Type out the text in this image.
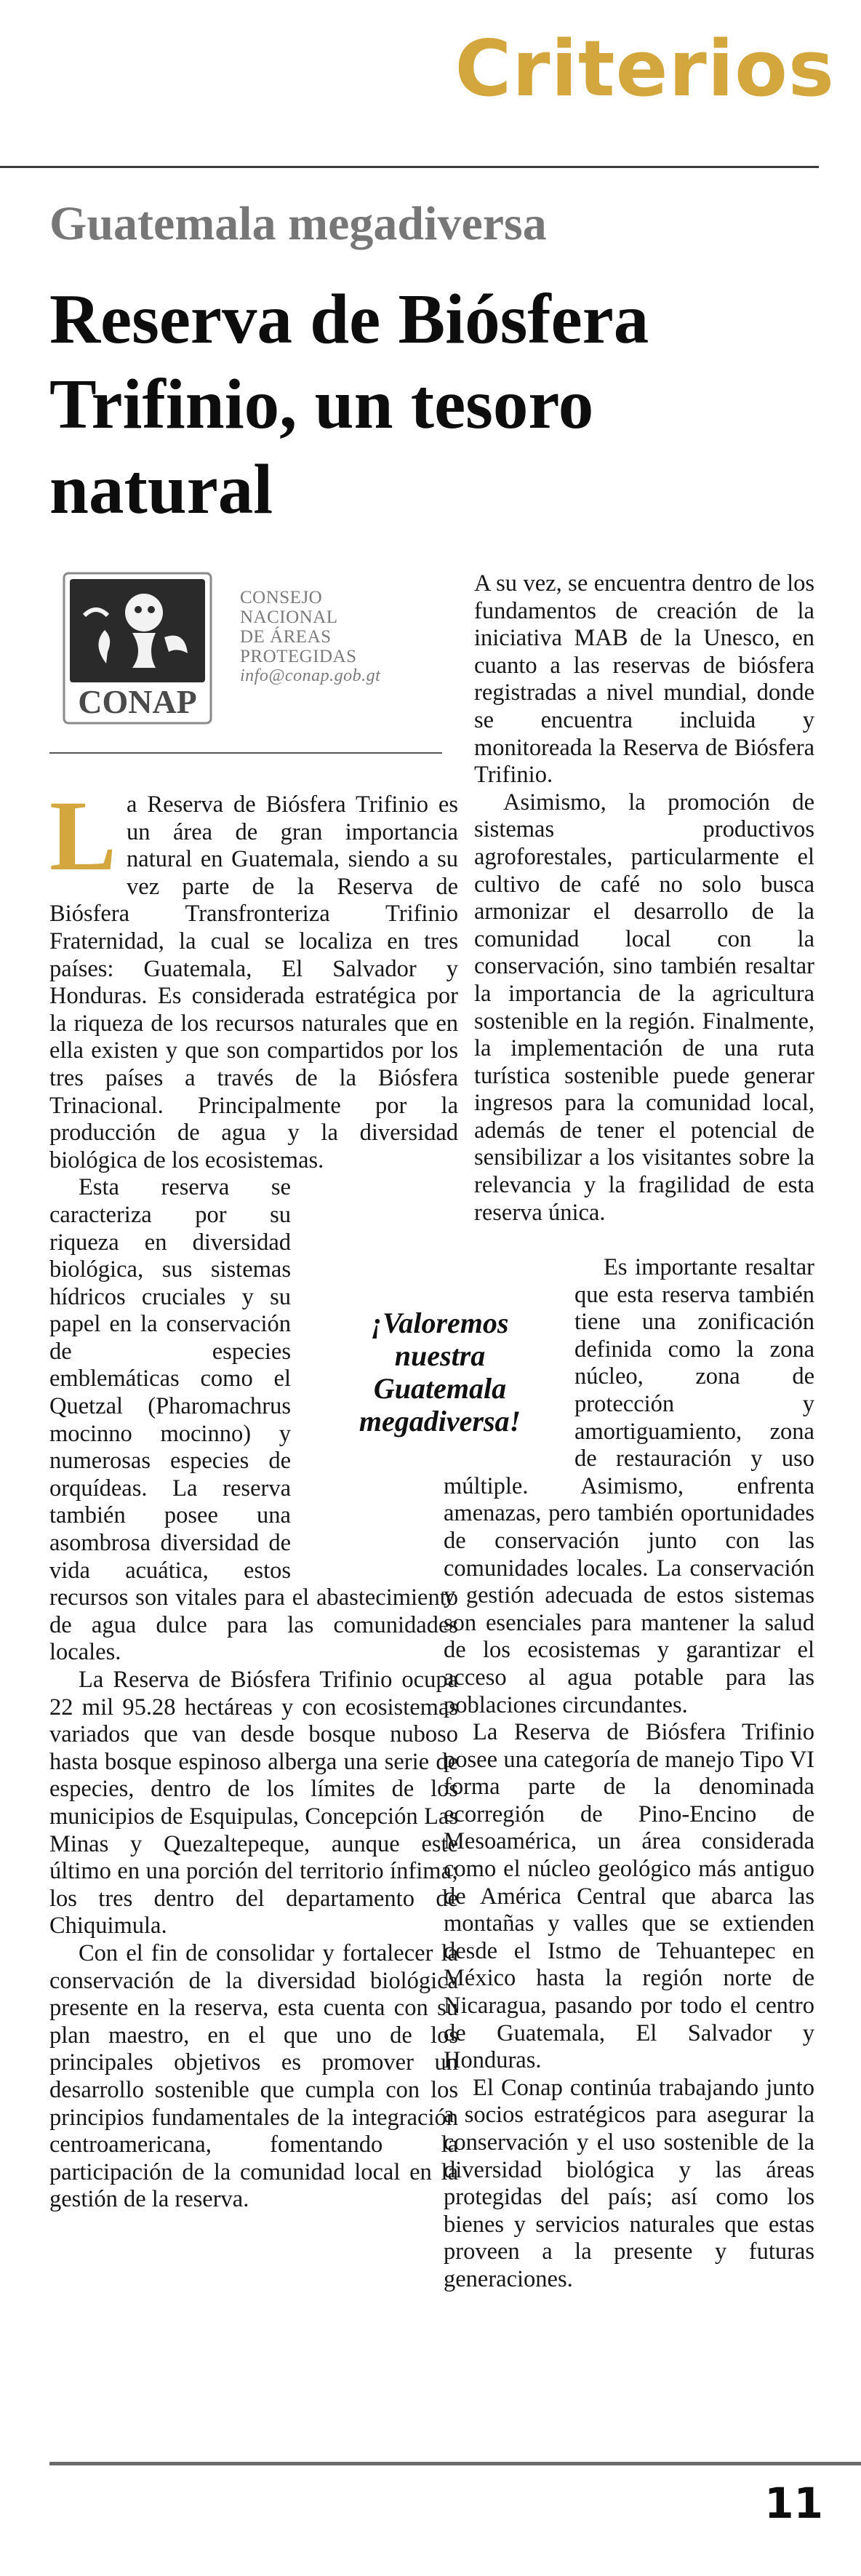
Criterios
Guatemala megadiversa
Reserva de Biósfera Trifinio, un tesoro natural
CONAP
CONSEJO
NACIONAL
DE ÁREAS
PROTEGIDAS
info@conap.gob.gt

La Reserva de Biósfera Trifinio es un área de gran importancia natural en Guatemala, siendo a su vez parte de la Reserva de Biósfera Transfronteriza Trifinio Fraternidad, la cual se localiza en tres países: Guatemala, El Salvador y Honduras. Es considerada estratégica por la riqueza de los recursos naturales que en ella existen y que son compartidos por los tres países a través de la Biósfera Trinacional. Principalmente por la producción de agua y la diversidad biológica de los ecosistemas.

Esta reserva se caracteriza por su riqueza en diversidad biológica, sus sistemas hídricos cruciales y su papel en la conservación de especies emblemáticas como el Quetzal (Pharomachrus mocinno mocinno) y numerosas especies de orquídeas. La reserva también posee una asombrosa diversidad de vida acuática, estos recursos son vitales para el abastecimiento de agua dulce para las comunidades locales.

La Reserva de Biósfera Trifinio ocupa 22 mil 95.28 hectáreas y con ecosistemas variados que van desde bosque nuboso hasta bosque espinoso alberga una serie de especies, dentro de los límites de los municipios de Esquipulas, Concepción Las Minas y Quezaltepeque, aunque este último en una porción del territorio ínfima; los tres dentro del departamento de Chiquimula.

Con el fin de consolidar y fortalecer la conservación de la diversidad biológica presente en la reserva, esta cuenta con su plan maestro, en el que uno de los principales objetivos es promover un desarrollo sostenible que cumpla con los principios fundamentales de la integración centroamericana, fomentando la participación de la comunidad local en la gestión de la reserva.

A su vez, se encuentra dentro de los fundamentos de creación de la iniciativa MAB de la Unesco, en cuanto a las reservas de biósfera registradas a nivel mundial, donde se encuentra incluida y monitoreada la Reserva de Biósfera Trifinio.

Asimismo, la promoción de sistemas productivos agroforestales, particularmente el cultivo de café no solo busca armonizar el desarrollo de la comunidad local con la conservación, sino también resaltar la importancia de la agricultura sostenible en la región. Finalmente, la implementación de una ruta turística sostenible puede generar ingresos para la comunidad local, además de tener el potencial de sensibilizar a los visitantes sobre la relevancia y la fragilidad de esta reserva única.

Es importante resaltar que esta reserva también tiene una zonificación definida como la zona núcleo, zona de protección y amortiguamiento, zona de restauración y uso múltiple. Asimismo, enfrenta amenazas, pero también oportunidades de conservación junto con las comunidades locales. La conservación y gestión adecuada de estos sistemas son esenciales para mantener la salud de los ecosistemas y garantizar el acceso al agua potable para las poblaciones circundantes.

La Reserva de Biósfera Trifinio posee una categoría de manejo Tipo VI forma parte de la denominada ecorregión de Pino-Encino de Mesoamérica, un área considerada como el núcleo geológico más antiguo de América Central que abarca las montañas y valles que se extienden desde el Istmo de Tehuantepec en México hasta la región norte de Nicaragua, pasando por todo el centro de Guatemala, El Salvador y Honduras.

El Conap continúa trabajando junto a socios estratégicos para asegurar la conservación y el uso sostenible de la diversidad biológica y las áreas protegidas del país; así como los bienes y servicios naturales que estas proveen a la presente y futuras generaciones.

¡Valoremos nuestra Guatemala megadiversa!
11
